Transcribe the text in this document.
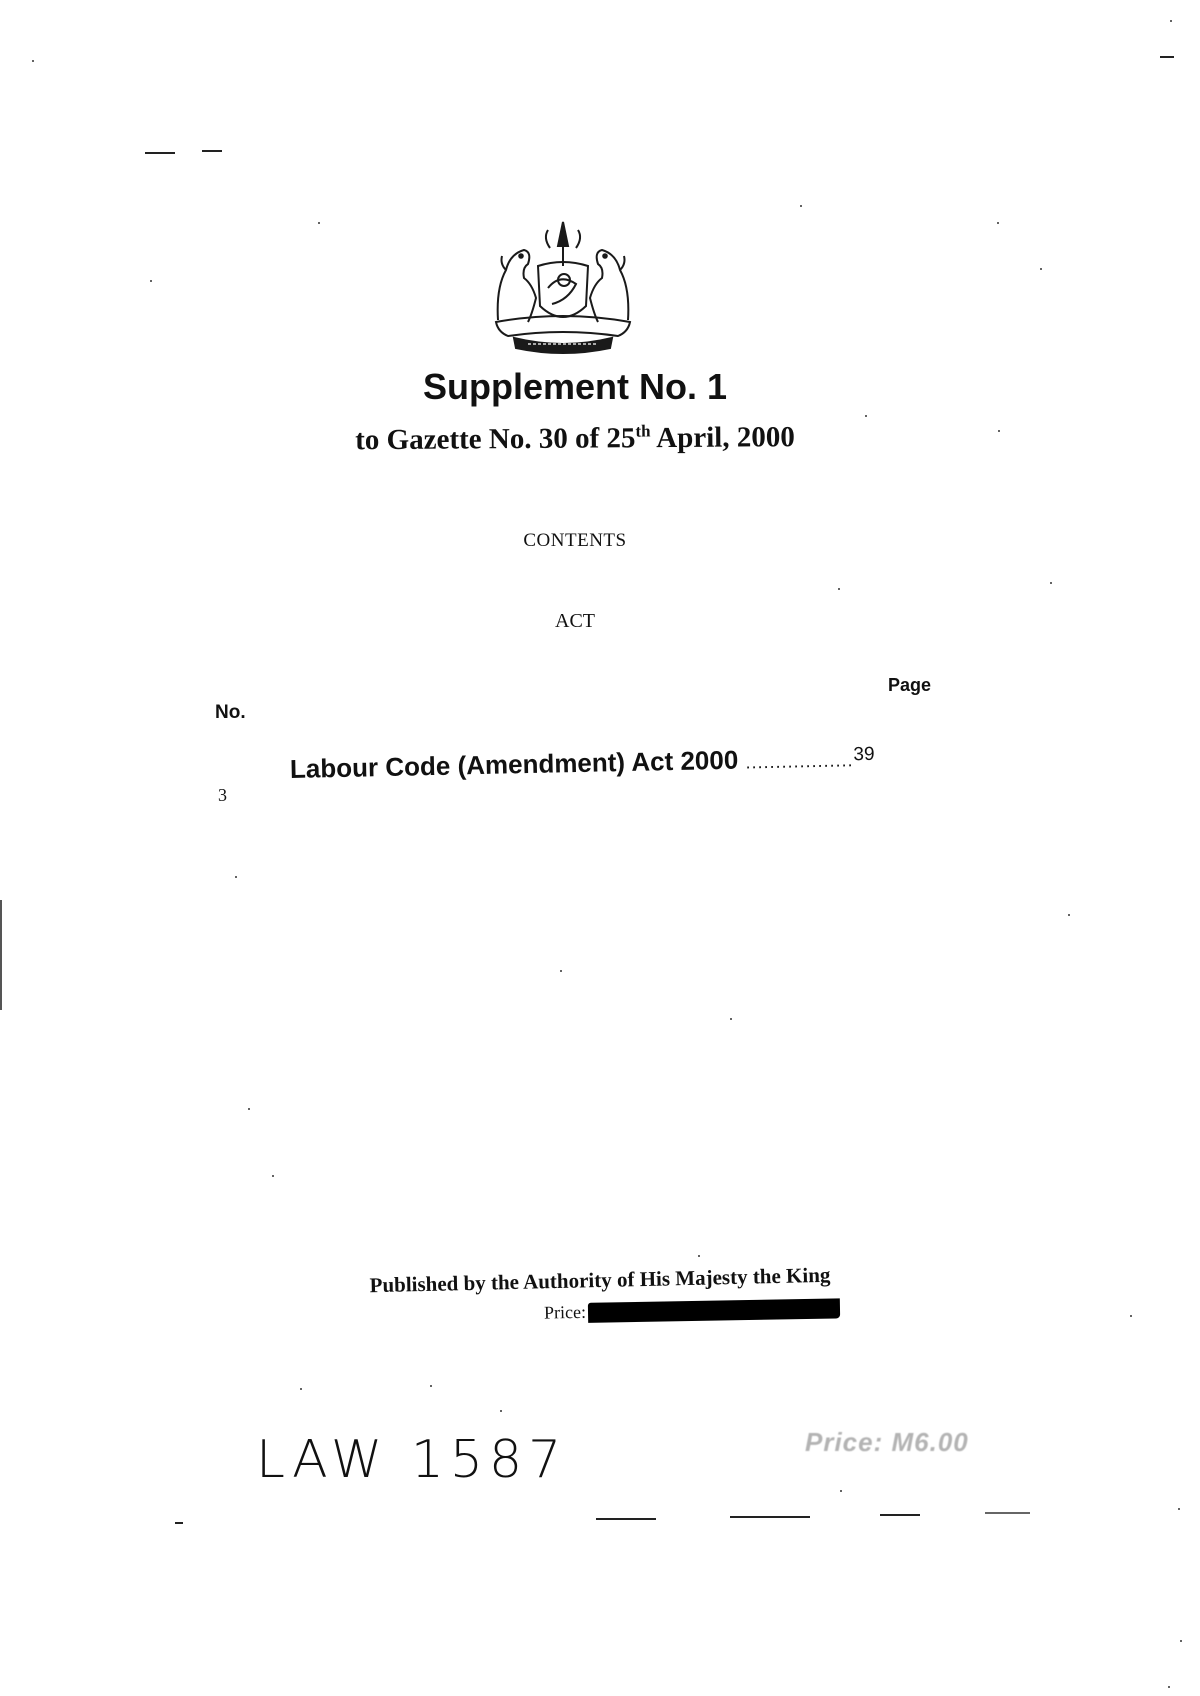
Supplement No. 1
to Gazette No. 30 of 25th April, 2000
CONTENTS
ACT
Page
No.
3
Labour Code (Amendment) Act 2000 ..................$^{39}$
Published by the Authority of His Majesty the King
Price:
LAW 1587	Price: M6.00
